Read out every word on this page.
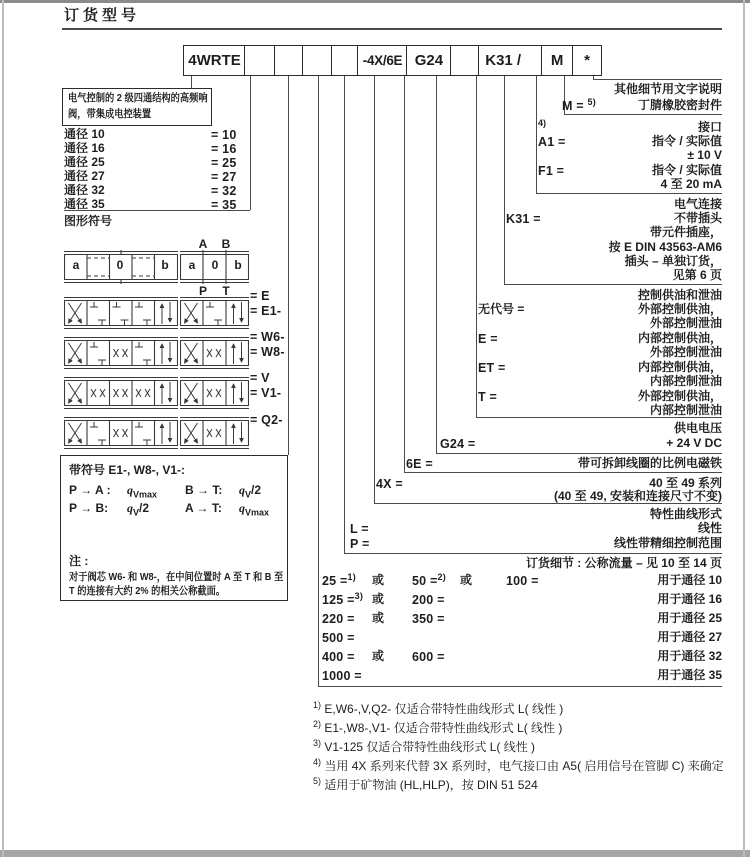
订货型号
4WRTE	-4X/6E G24	K31 /	M	*
电气控制的 2 级四通结构的高频响
阀，带集成电控装置
通径 10	= 10
通径 16	= 16
通径 25	= 25
通径 27	= 27
通径 32	= 32
通径 35	= 35
图形符号
a	0	b	a	0	b
A B
P T = E
= E1-
= W6-
= W8-
= V
= V1-
= Q2-
带符号 E1-, W8-, V1-:
P → A : $q_{Vmax}$ B → T: $q_V/2$
P → B: $q_V/2$	A → T: $q_{Vmax}$
注 :
对于阀芯 W6- 和 W8-，在中间位置时 A 至 T 和 B 至
T 的连接有大约 2% 的相关公称截面。
其他细节用文字说明
M = $^{5)}$	丁腈橡胶密封件
4)	接口
A1 =	指令 / 实际值
± 10 V
F1 =	指令 / 实际值
4 至 20 mA
电气连接
K31 =	不带插头
带元件插座，
按 E DIN 43563-AM6
插头 – 单独订货，
见第 6 页
控制供油和泄油
无代号 =	外部控制供油，
外部控制泄油
E =	内部控制供油，
外部控制泄油
ET =	内部控制供油，
内部控制泄油
T =	外部控制供油，
内部控制泄油
供电电压
G24 =	+ 24 V DC
6E =	带可拆卸线圈的比例电磁铁
4X =	40 至 49 系列
(40 至 49, 安装和连接尺寸不变)
特性曲线形式
L =	线性
P =	线性带精细控制范围
订货细节 : 公称流量 – 见 10 至 14 页
25 =$^{1)}$ 或 50 =$^{2)}$ 或	100 =	用于通径 10
125 =$^{3)}$ 或 200 =	用于通径 16
220 = 或 350 =	用于通径 25
500 =	用于通径 27
400 = 或 600 =	用于通径 32
1000 =	用于通径 35
$^{1)}$ E,W6-,V,Q2- 仅适合带特性曲线形式 L( 线性 )
$^{2)}$ E1-,W8-,V1- 仅适合带特性曲线形式 L( 线性 )
$^{3)}$ V1-125 仅适合带特性曲线形式 L( 线性 )
$^{4)}$ 当用 4X 系列来代替 3X 系列时，电气接口由 A5( 启用信号在管脚 C) 来确定
$^{5)}$ 适用于矿物油 (HL,HLP)，按 DIN 51 524
